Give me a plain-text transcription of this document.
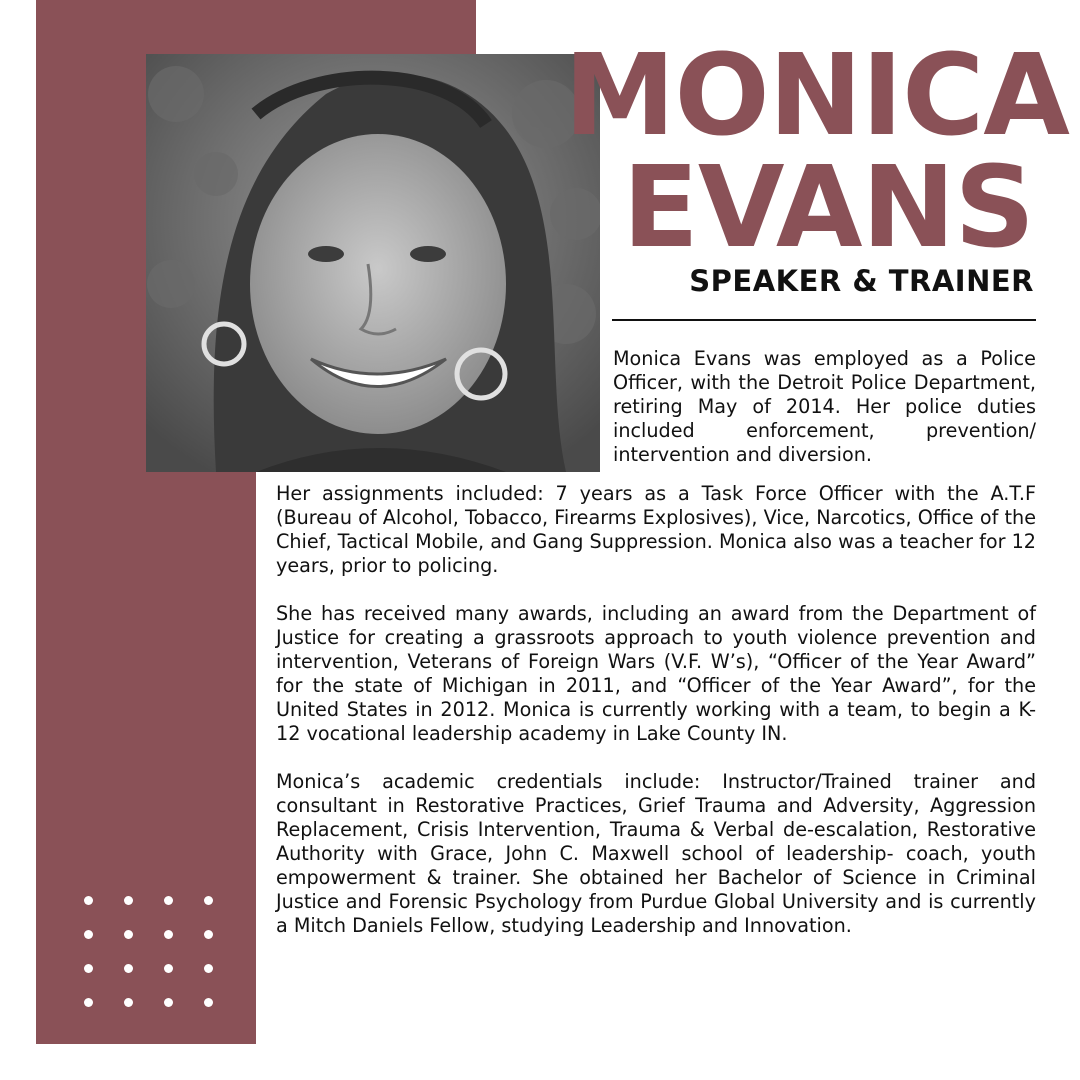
MONICA
EVANS
SPEAKER & TRAINER
Monica Evans was employed as a Police Officer, with the Detroit Police Department, retiring May of 2014. Her police duties included enforcement, prevention/ intervention and diversion.

Her assignments included: 7 years as a Task Force Officer with the A.T.F (Bureau of Alcohol, Tobacco, Firearms Explosives), Vice, Narcotics, Office of the Chief, Tactical Mobile, and Gang Suppression. Monica also was a teacher for 12 years, prior to policing.

She has received many awards, including an award from the Department of Justice for creating a grassroots approach to youth violence prevention and intervention, Veterans of Foreign Wars (V.F. W’s), “Officer of the Year Award” for the state of Michigan in 2011, and “Officer of the Year Award”, for the United States in 2012. Monica is currently working with a team, to begin a K-12 vocational leadership academy in Lake County IN.

Monica’s academic credentials include: Instructor/Trained trainer and consultant in Restorative Practices, Grief Trauma and Adversity, Aggression Replacement, Crisis Intervention, Trauma & Verbal de-escalation, Restorative Authority with Grace, John C. Maxwell school of leadership- coach, youth empowerment & trainer. She obtained her Bachelor of Science in Criminal Justice and Forensic Psychology from Purdue Global University and is currently a Mitch Daniels Fellow, studying Leadership and Innovation.
